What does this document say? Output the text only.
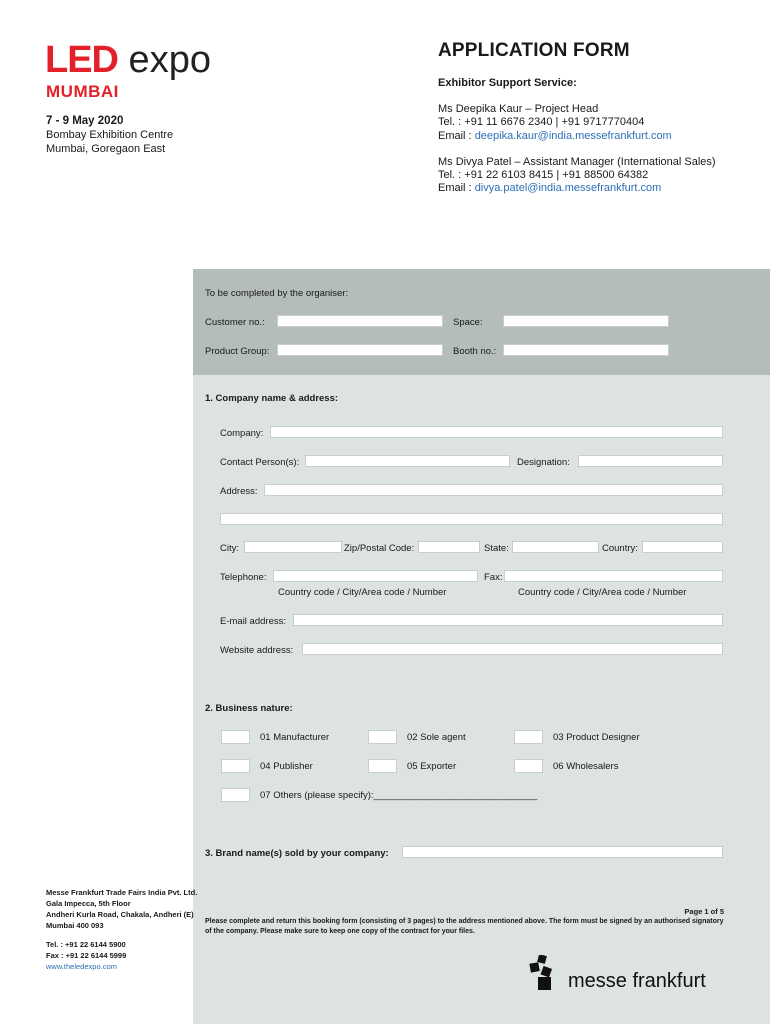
LED expo
MUMBAI
7 - 9 May 2020
Bombay Exhibition Centre
Mumbai, Goregaon East
APPLICATION FORM
Exhibitor Support Service:
Ms Deepika Kaur – Project Head
Tel. : +91 11 6676 2340 | +91 9717770404
Email : deepika.kaur@india.messefrankfurt.com
Ms Divya Patel – Assistant Manager (International Sales)
Tel. : +91 22 6103 8415 | +91 88500 64382
Email : divya.patel@india.messefrankfurt.com
To be completed by the organiser:
Customer no.:	Space:
Product Group:	Booth no.:
1. Company name & address:
Company:
Contact Person(s):	Designation:
Address:
City:	Zip/Postal Code:	State:	Country:
Telephone:	Fax:
Country code / City/Area code / Number	Country code / City/Area code / Number
E-mail address:
Website address:
2. Business nature:
01 Manufacturer	02 Sole agent	03 Product Designer
04 Publisher	05 Exporter	06 Wholesalers
07 Others (please specify):_______________________________
3. Brand name(s) sold by your company:
Messe Frankfurt Trade Fairs India Pvt. Ltd.
Gala Impecca, 5th Floor
Andheri Kurla Road, Chakala, Andheri (E)
Mumbai 400 093
Tel. : +91 22 6144 5900
Fax : +91 22 6144 5999
www.theledexpo.com
Page 1 of 5
Please complete and return this booking form (consisting of 3 pages) to the address mentioned above. The form must be signed by an authorised signatory of the company. Please make sure to keep one copy of the contract for your files.
messe frankfurt
